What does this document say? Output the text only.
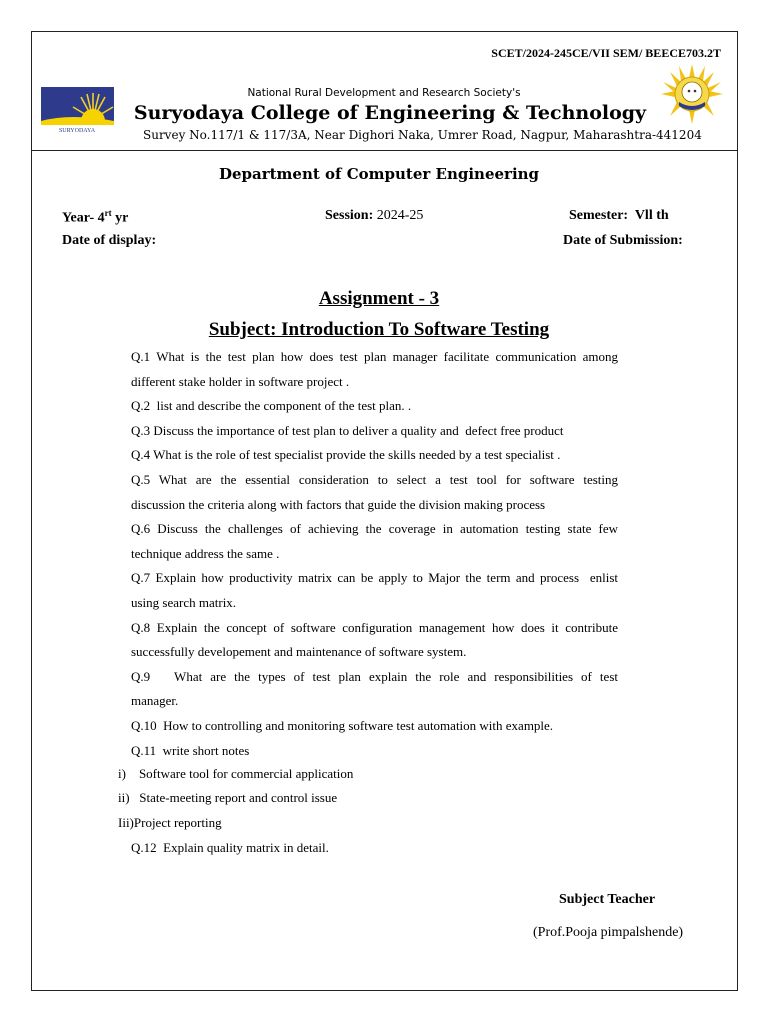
SCET/2024-245CE/VII SEM/ BEECE703.2T
SURYODAYA
National Rural Development and Research Society's
Suryodaya College of Engineering & Technology
Survey No.117/1 & 117/3A, Near Dighori Naka, Umrer Road, Nagpur, Maharashtra-441204
Department of Computer Engineering
Year- $4^{rt}$ yr	Session: 2024-25	Semester:  Vll th
Date of display:	Date of Submission:
Assignment - 3
Subject: Introduction To Software Testing
Q.1 What is the test plan how does test plan manager facilitate communication among
different stake holder in software project .
Q.2  list and describe the component of the test plan. .
Q.3 Discuss the importance of test plan to deliver a quality and  defect free product
Q.4 What is the role of test specialist provide the skills needed by a test specialist .
Q.5 What are the essential consideration to select a test tool for software testing
discussion the criteria along with factors that guide the division making process
Q.6 Discuss the challenges of achieving the coverage in automation testing state few
technique address the same .
Q.7 Explain how productivity matrix can be apply to Major the term and process  enlist
using search matrix.
Q.8 Explain the concept of software configuration management how does it contribute
successfully developement and maintenance of software system.
Q.9   What are the types of test plan explain the role and responsibilities of test
manager.
Q.10  How to controlling and monitoring software test automation with example.
Q.11  write short notes
i)    Software tool for commercial application
ii)   State-meeting report and control issue
Iii)Project reporting
Q.12  Explain quality matrix in detail.
Subject Teacher
(Prof.Pooja pimpalshende)
